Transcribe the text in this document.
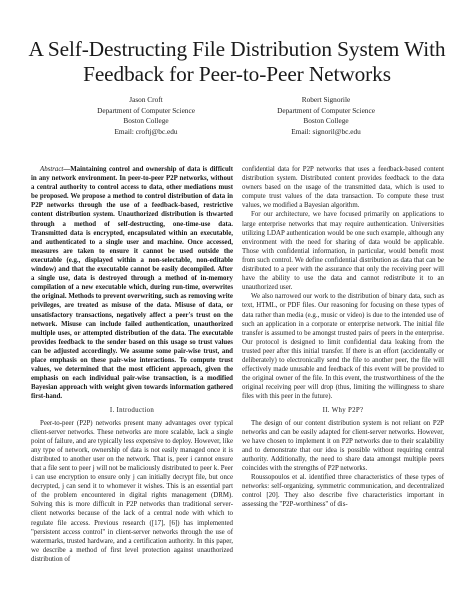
A Self-Destructing File Distribution System With
Feedback for Peer-to-Peer Networks
Jason Croft
Department of Computer Science
Boston College
Email: croftj@bc.edu
Robert Signorile
Department of Computer Science
Boston College
Email: signoril@bc.edu

Abstract—Maintaining control and ownership of data is difficult in any network environment. In peer-to-peer P2P networks, without a central authority to control access to data, other mediations must be proposed. We propose a method to control distribution of data in P2P networks through the use of a feedback-based, restrictive content distribution system. Unauthorized distribution is thwarted through a method of self-destructing, one-time-use data. Transmitted data is encrypted, encapsulated within an executable, and authenticated to a single user and machine. Once accessed, measures are taken to ensure it cannot be used outside the executable (e.g., displayed within a non-selectable, non-editable window) and that the executable cannot be easily decompiled. After a single use, data is destroyed through a method of in-memory compilation of a new executable which, during run-time, overwrites the original. Methods to prevent overwriting, such as removing write privileges, are treated as misuse of the data. Misuse of data, or unsatisfactory transactions, negatively affect a peer's trust on the network. Misuse can include failed authentication, unauthorized multiple uses, or attempted distribution of the data. The executable provides feedback to the sender based on this usage so trust values can be adjusted accordingly. We assume some pair-wise trust, and place emphasis on these pair-wise interactions. To compute trust values, we determined that the most efficient approach, given the emphasis on each individual pair-wise transaction, is a modified Bayesian approach with weight given towards information gathered first-hand.

I. Introduction

Peer-to-peer (P2P) networks present many advantages over typical client-server networks. These networks are more scalable, lack a single point of failure, and are typically less expensive to deploy. However, like any type of network, ownership of data is not easily managed once it is distributed to another user on the network. That is, peer i cannot ensure that a file sent to peer j will not be maliciously distributed to peer k. Peer i can use encryption to ensure only j can initially decrypt file, but once decrypted, j can send it to whomever it wishes. This is an essential part of the problem encountered in digital rights management (DRM). Solving this is more difficult in P2P networks than traditional server-client networks because of the lack of a central node with which to regulate file access. Previous research ([17], [6]) has implemented "persistent access control" in client-server networks through the use of watermarks, trusted hardware, and a certification authority. In this paper, we describe a method of first level protection against unauthorized distribution of

confidential data for P2P networks that uses a feedback-based content distribution system. Distributed content provides feedback to the data owners based on the usage of the transmitted data, which is used to compute trust values of the data transaction. To compute these trust values, we modified a Bayesian algorithm.

For our architecture, we have focused primarily on applications to large enterprise networks that may require authentication. Universities utilizing LDAP authentication would be one such example, although any environment with the need for sharing of data would be applicable. Those with confidential information, in particular, would benefit most from such control. We define confidential distribution as data that can be distributed to a peer with the assurance that only the receiving peer will have the ability to use the data and cannot redistribute it to an unauthorized user.

We also narrowed our work to the distribution of binary data, such as text, HTML, or PDF files. Our reasoning for focusing on these types of data rather than media (e.g., music or video) is due to the intended use of such an application in a corporate or enterprise network. The initial file transfer is assumed to be amongst trusted pairs of peers in the enterprise. Our protocol is designed to limit confidential data leaking from the trusted peer after this initial transfer. If there is an effort (accidentally or deliberately) to electronically send the file to another peer, the file will effectively made unusable and feedback of this event will be provided to the original owner of the file. In this event, the trustworthiness of the the original receiving peer will drop (thus, limiting the willingness to share files with this peer in the future).

II. Why P2P?

The design of our content distribution system is not reliant on P2P networks and can be easily adapted for client-server networks. However, we have chosen to implement it on P2P networks due to their scalability and to demonstrate that our idea is possible without requiring central authority. Additionally, the need to share data amongst multiple peers coincides with the strengths of P2P networks.

Roussopoulos et al. identified three characteristics of these types of networks: self-organizing, symmetric communication, and decentralized control [20]. They also describe five characteristics important in assessing the "P2P-worthiness" of dis-
